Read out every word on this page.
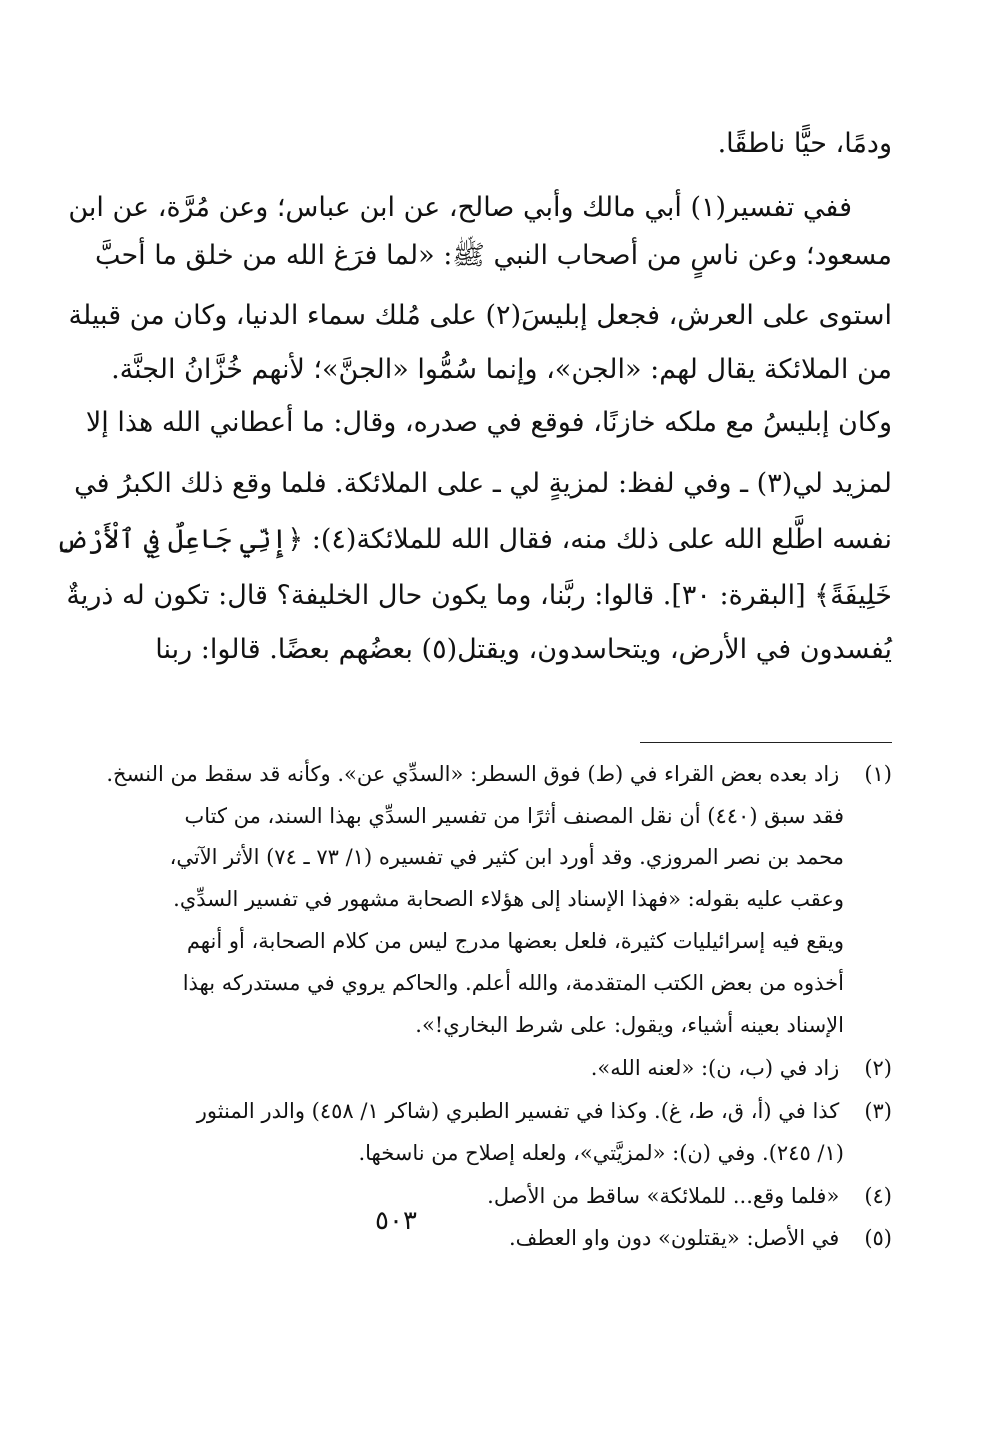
ودمًا، حيًّا ناطقًا.
ففي تفسير(١) أبي مالك وأبي صالح، عن ابن عباس؛ وعن مُرَّة، عن ابن
مسعود؛ وعن ناسٍ من أصحاب النبي ﷺ: «لما فرَغ الله من خلق ما أحبَّ
استوى على العرش، فجعل إبليسَ(٢) على مُلك سماء الدنيا، وكان من قبيلة
من الملائكة يقال لهم: «الجن»، وإنما سُمُّوا «الجنَّ»؛ لأنهم خُزَّانُ الجنَّة.
وكان إبليسُ مع ملكه خازنًا، فوقع في صدره، وقال: ما أعطاني الله هذا إلا
لمزيد لي(٣) ـ وفي لفظ: لمزيةٍ لي ـ على الملائكة. فلما وقع ذلك الكبرُ في
نفسه اطَّلع الله على ذلك منه، فقال الله للملائكة(٤): ﴿إِنِّي جَاعِلٌ فِي ٱلْأَرْضِ
خَلِيفَةً﴾ [البقرة: ٣٠]. قالوا: ربَّنا، وما يكون حال الخليفة؟ قال: تكون له ذريةٌ
يُفسدون في الأرض، ويتحاسدون، ويقتل(٥) بعضُهم بعضًا. قالوا: ربنا
(١) زاد بعده بعض القراء في (ط) فوق السطر: «السدِّي عن». وكأنه قد سقط من النسخ.
فقد سبق (٤٤٠) أن نقل المصنف أثرًا من تفسير السدِّي بهذا السند، من كتاب
محمد بن نصر المروزي. وقد أورد ابن كثير في تفسيره (١/ ٧٣ ـ ٧٤) الأثر الآتي،
وعقب عليه بقوله: «فهذا الإسناد إلى هؤلاء الصحابة مشهور في تفسير السدِّي.
ويقع فيه إسرائيليات كثيرة، فلعل بعضها مدرج ليس من كلام الصحابة، أو أنهم
أخذوه من بعض الكتب المتقدمة، والله أعلم. والحاكم يروي في مستدركه بهذا
الإسناد بعينه أشياء، ويقول: على شرط البخاري!».
(٢) زاد في (ب، ن): «لعنه الله».
(٣) كذا في (أ، ق، ط، غ). وكذا في تفسير الطبري (شاكر ١/ ٤٥٨) والدر المنثور
(١/ ٢٤٥). وفي (ن): «لمزيَّتي»، ولعله إصلاح من ناسخها.
(٤) «فلما وقع... للملائكة» ساقط من الأصل.
(٥) في الأصل: «يقتلون» دون واو العطف.
٥٠٣
